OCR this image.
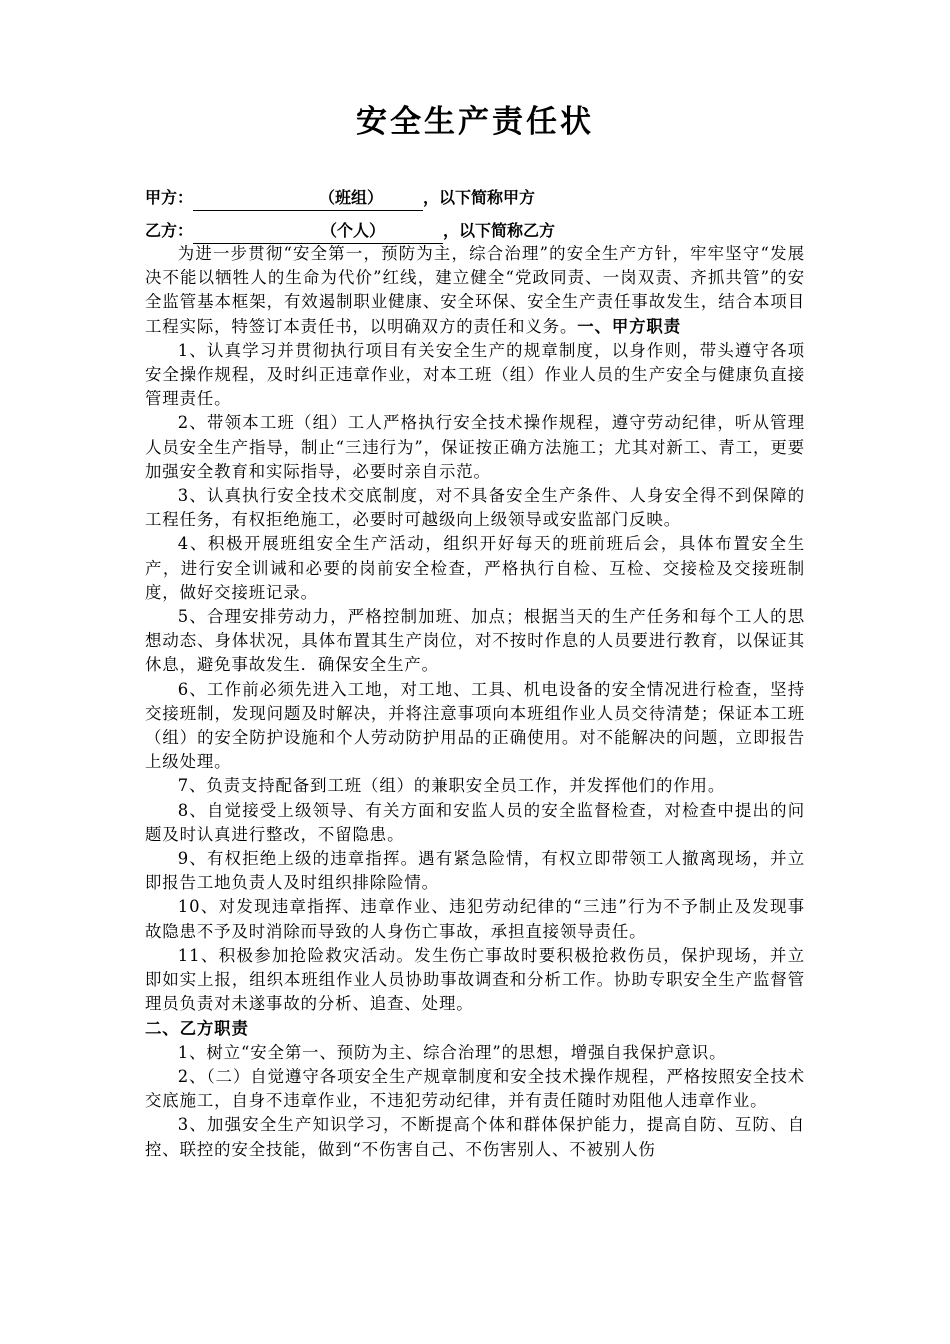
安全生产责任状
甲方：	（班组）	，以下简称甲方
乙方：	（个人）	，以下简称乙方

为进一步贯彻“安全第一，预防为主，综合治理”的安全生产方针，牢牢坚守“发展决不能以牺牲人的生命为代价”红线，建立健全“党政同责、一岗双责、齐抓共管”的安全监管基本框架，有效遏制职业健康、安全环保、安全生产责任事故发生，结合本项目工程实际，特签订本责任书，以明确双方的责任和义务。一、甲方职责

1、认真学习并贯彻执行项目有关安全生产的规章制度，以身作则，带头遵守各项安全操作规程，及时纠正违章作业，对本工班（组）作业人员的生产安全与健康负直接管理责任。

2、带领本工班（组）工人严格执行安全技术操作规程，遵守劳动纪律，听从管理人员安全生产指导，制止“三违行为”，保证按正确方法施工；尤其对新工、青工，更要加强安全教育和实际指导，必要时亲自示范。

3、认真执行安全技术交底制度，对不具备安全生产条件、人身安全得不到保障的工程任务，有权拒绝施工，必要时可越级向上级领导或安监部门反映。

4、积极开展班组安全生产活动，组织开好每天的班前班后会，具体布置安全生产，进行安全训诫和必要的岗前安全检查，严格执行自检、互检、交接检及交接班制度，做好交接班记录。

5、合理安排劳动力，严格控制加班、加点；根据当天的生产任务和每个工人的思想动态、身体状况，具体布置其生产岗位，对不按时作息的人员要进行教育，以保证其休息，避免事故发生．确保安全生产。

6、工作前必须先进入工地，对工地、工具、机电设备的安全情况进行检查，坚持交接班制，发现问题及时解决，并将注意事项向本班组作业人员交待清楚；保证本工班（组）的安全防护设施和个人劳动防护用品的正确使用。对不能解决的问题，立即报告上级处理。

7、负责支持配备到工班（组）的兼职安全员工作，并发挥他们的作用。

8、自觉接受上级领导、有关方面和安监人员的安全监督检查，对检查中提出的问题及时认真进行整改，不留隐患。

9、有权拒绝上级的违章指挥。遇有紧急险情，有权立即带领工人撤离现场，并立即报告工地负责人及时组织排除险情。

10、对发现违章指挥、违章作业、违犯劳动纪律的“三违”行为不予制止及发现事故隐患不予及时消除而导致的人身伤亡事故，承担直接领导责任。

11、积极参加抢险救灾活动。发生伤亡事故时要积极抢救伤员，保护现场，并立即如实上报，组织本班组作业人员协助事故调查和分析工作。协助专职安全生产监督管理员负责对未遂事故的分析、追查、处理。

二、乙方职责

1、树立“安全第一、预防为主、综合治理”的思想，增强自我保护意识。

2、（二）自觉遵守各项安全生产规章制度和安全技术操作规程，严格按照安全技术交底施工，自身不违章作业，不违犯劳动纪律，并有责任随时劝阻他人违章作业。

3、加强安全生产知识学习，不断提高个体和群体保护能力，提高自防、互防、自控、联控的安全技能，做到“不伤害自己、不伤害别人、不被别人伤
